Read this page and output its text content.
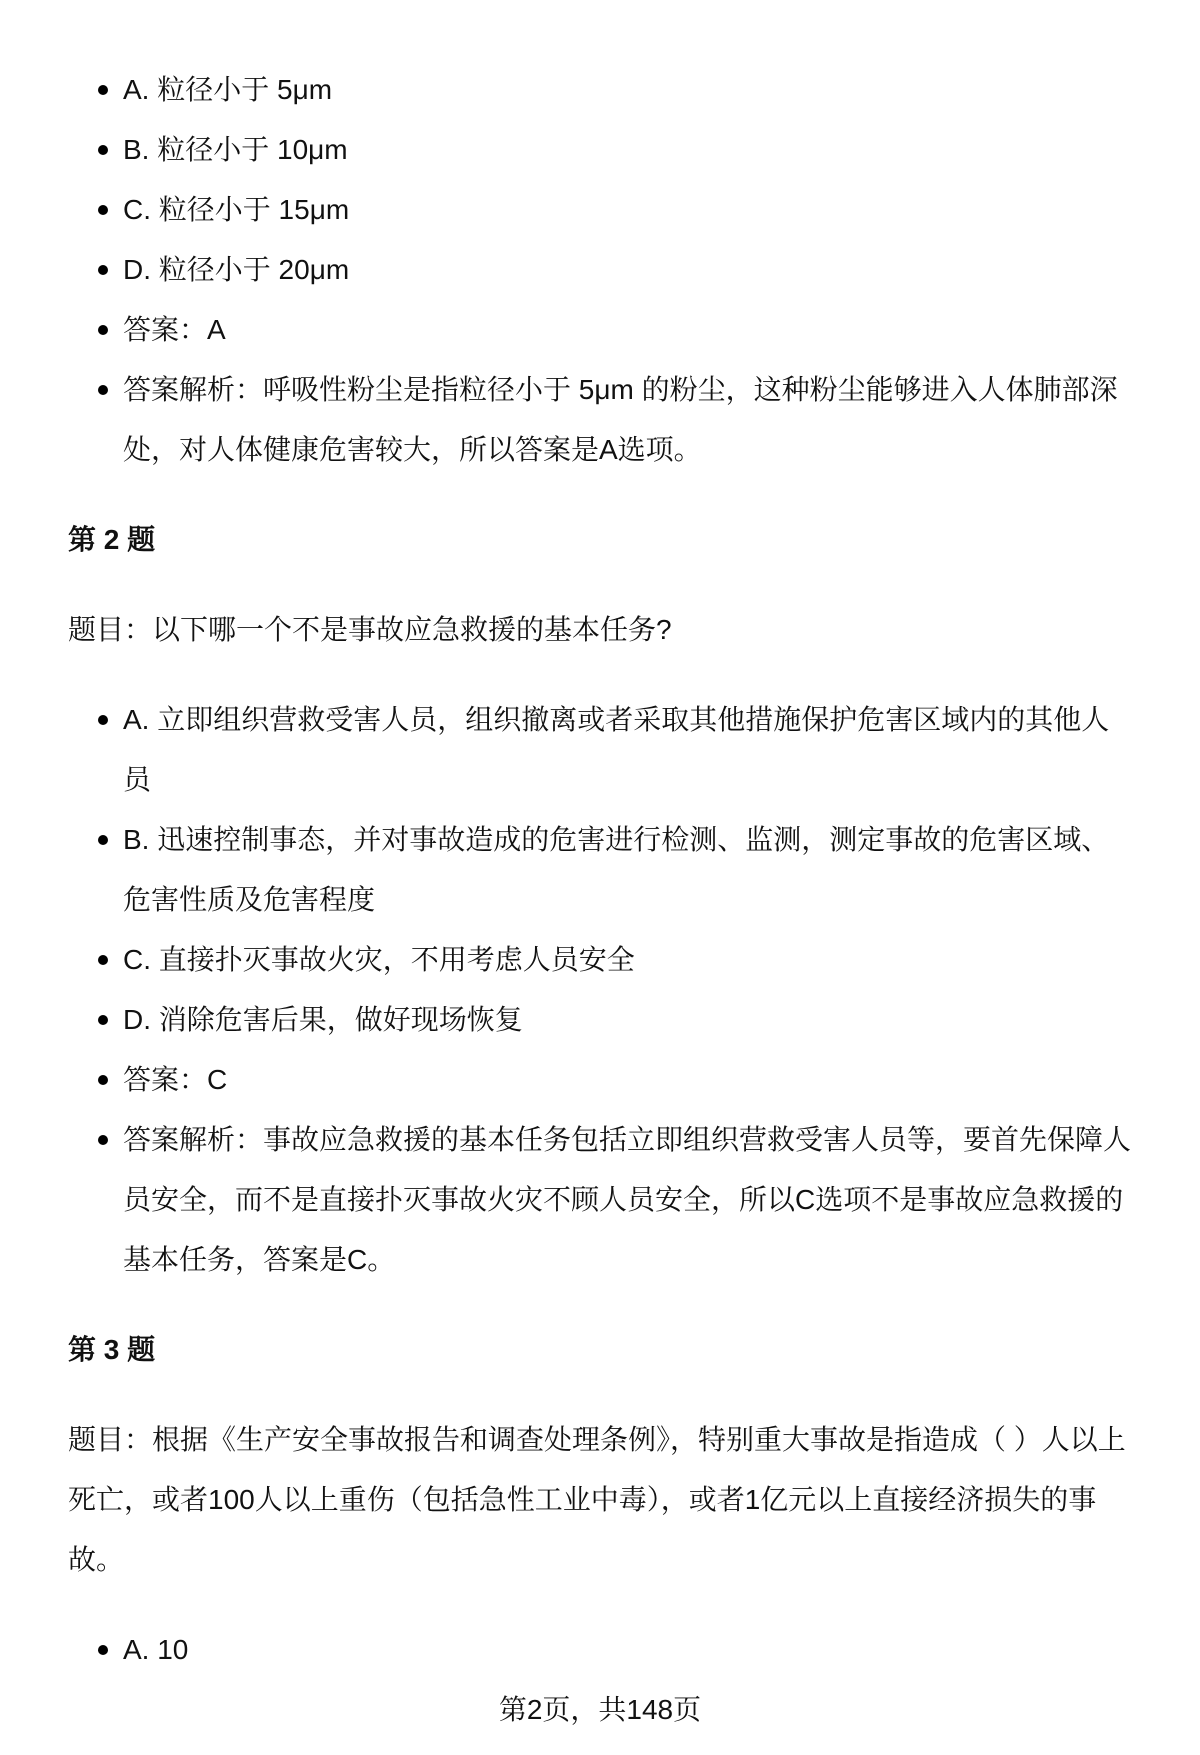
A. 粒径小于 5μm
B. 粒径小于 10μm
C. 粒径小于 15μm
D. 粒径小于 20μm
答案：A
答案解析：呼吸性粉尘是指粒径小于 5μm 的粉尘，这种粉尘能够进入人体肺部深处，对人体健康危害较大，所以答案是A选项。
第 2 题

题目：以下哪一个不是事故应急救援的基本任务?

A. 立即组织营救受害人员，组织撤离或者采取其他措施保护危害区域内的其他人员
B. 迅速控制事态，并对事故造成的危害进行检测、监测，测定事故的危害区域、危害性质及危害程度
C. 直接扑灭事故火灾，不用考虑人员安全
D. 消除危害后果，做好现场恢复
答案：C
答案解析：事故应急救援的基本任务包括立即组织营救受害人员等，要首先保障人员安全，而不是直接扑灭事故火灾不顾人员安全，所以C选项不是事故应急救援的基本任务，答案是C。
第 3 题

题目：根据《生产安全事故报告和调查处理条例》，特别重大事故是指造成（ ）人以上死亡，或者100人以上重伤（包括急性工业中毒），或者1亿元以上直接经济损失的事故。

A. 10
第2页，共148页
